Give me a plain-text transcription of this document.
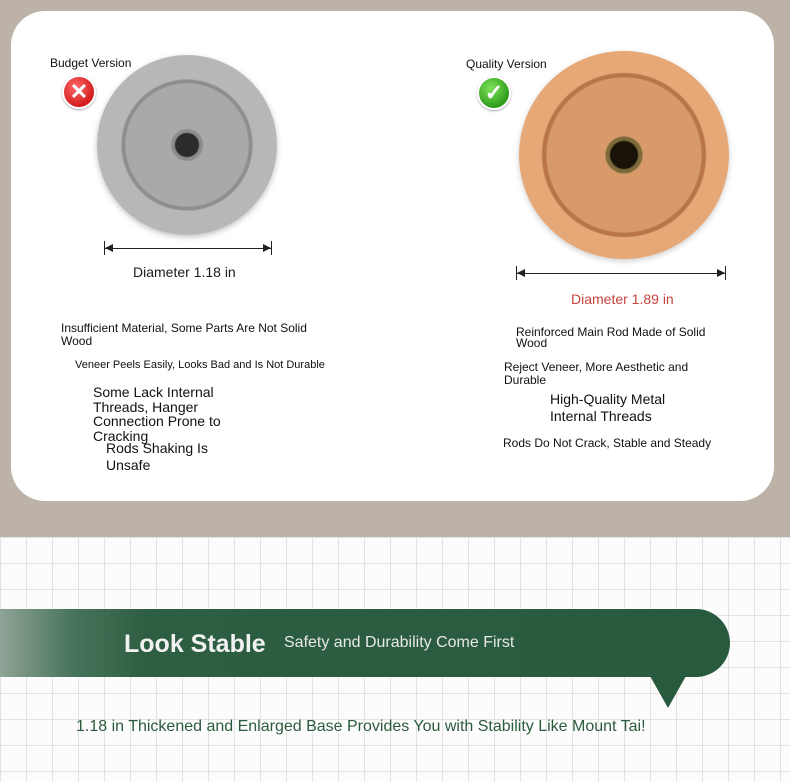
Budget Version
✕
Diameter 1.18 in
Insufficient Material, Some Parts Are Not Solid Wood
Veneer Peels Easily, Looks Bad and Is Not Durable
Some Lack Internal Threads, Hanger Connection Prone to Cracking
Rods Shaking Is Unsafe
Quality Version
✓
Diameter 1.89 in
Reinforced Main Rod Made of Solid Wood
Reject Veneer, More Aesthetic and Durable
High-Quality Metal Internal Threads
Rods Do Not Crack, Stable and Steady
Look Stable Safety and Durability Come First
1.18 in Thickened and Enlarged Base Provides You with Stability Like Mount Tai!
